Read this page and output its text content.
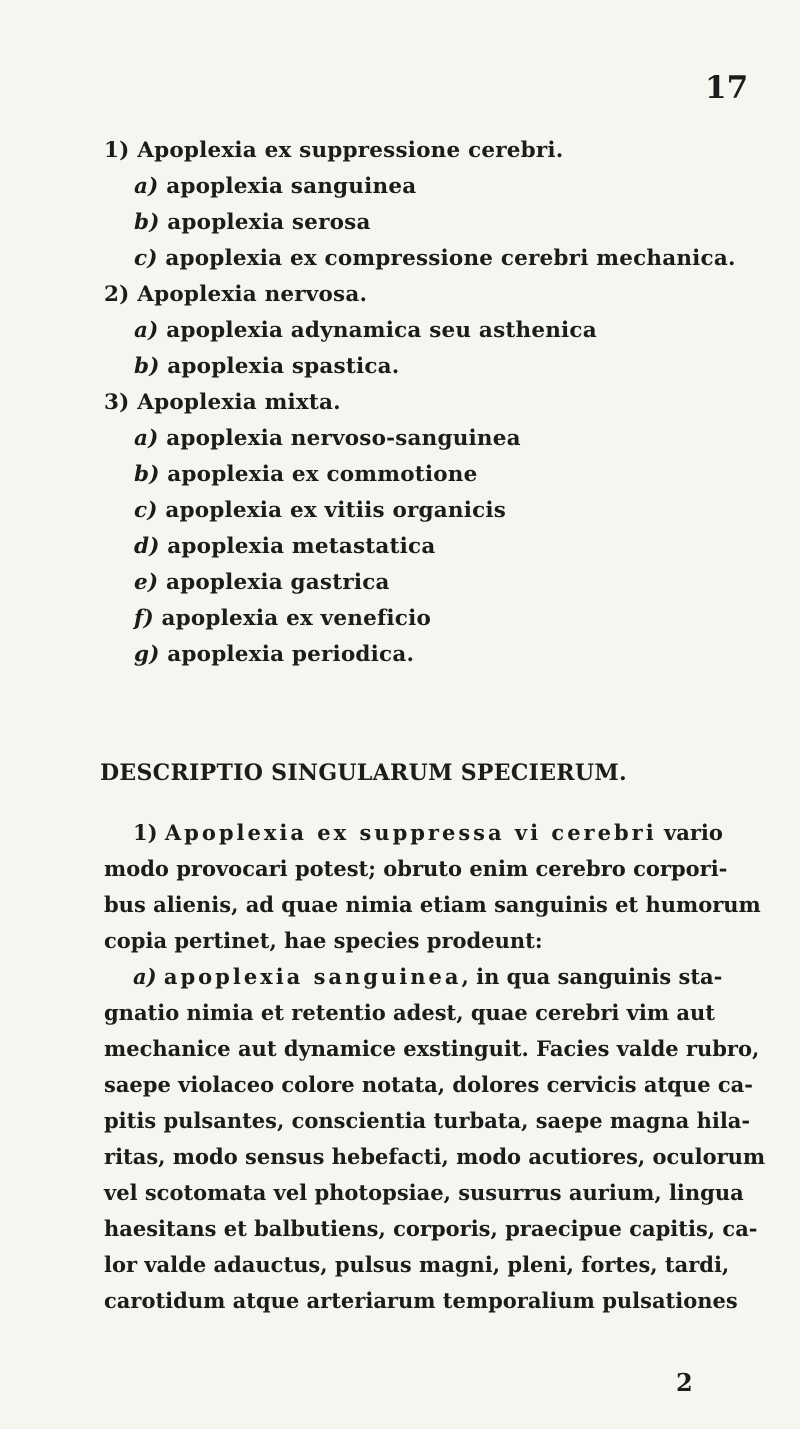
17
1) Apoplexia ex suppressione cerebri.
a) apoplexia sanguinea
b) apoplexia serosa
c) apoplexia ex compressione cerebri mechanica.
2) Apoplexia nervosa.
a) apoplexia adynamica seu asthenica
b) apoplexia spastica.
3) Apoplexia mixta.
a) apoplexia nervoso-sanguinea
b) apoplexia ex commotione
c) apoplexia ex vitiis organicis
d) apoplexia metastatica
e) apoplexia gastrica
f) apoplexia ex veneficio
g) apoplexia periodica.
DESCRIPTIO SINGULARUM SPECIERUM.
1) Apoplexia ex suppressa vi cerebri vario
modo provocari potest; obruto enim cerebro corpori-
bus alienis, ad quae nimia etiam sanguinis et humorum
copia pertinet, hae species prodeunt:
a) apoplexia sanguinea, in qua sanguinis sta-
gnatio nimia et retentio adest, quae cerebri vim aut
mechanice aut dynamice exstinguit. Facies valde rubro,
saepe violaceo colore notata, dolores cervicis atque ca-
pitis pulsantes, conscientia turbata, saepe magna hila-
ritas, modo sensus hebefacti, modo acutiores, oculorum
vel scotomata vel photopsiae, susurrus aurium, lingua
haesitans et balbutiens, corporis, praecipue capitis, ca-
lor valde adauctus, pulsus magni, pleni, fortes, tardi,
carotidum atque arteriarum temporalium pulsationes
2
